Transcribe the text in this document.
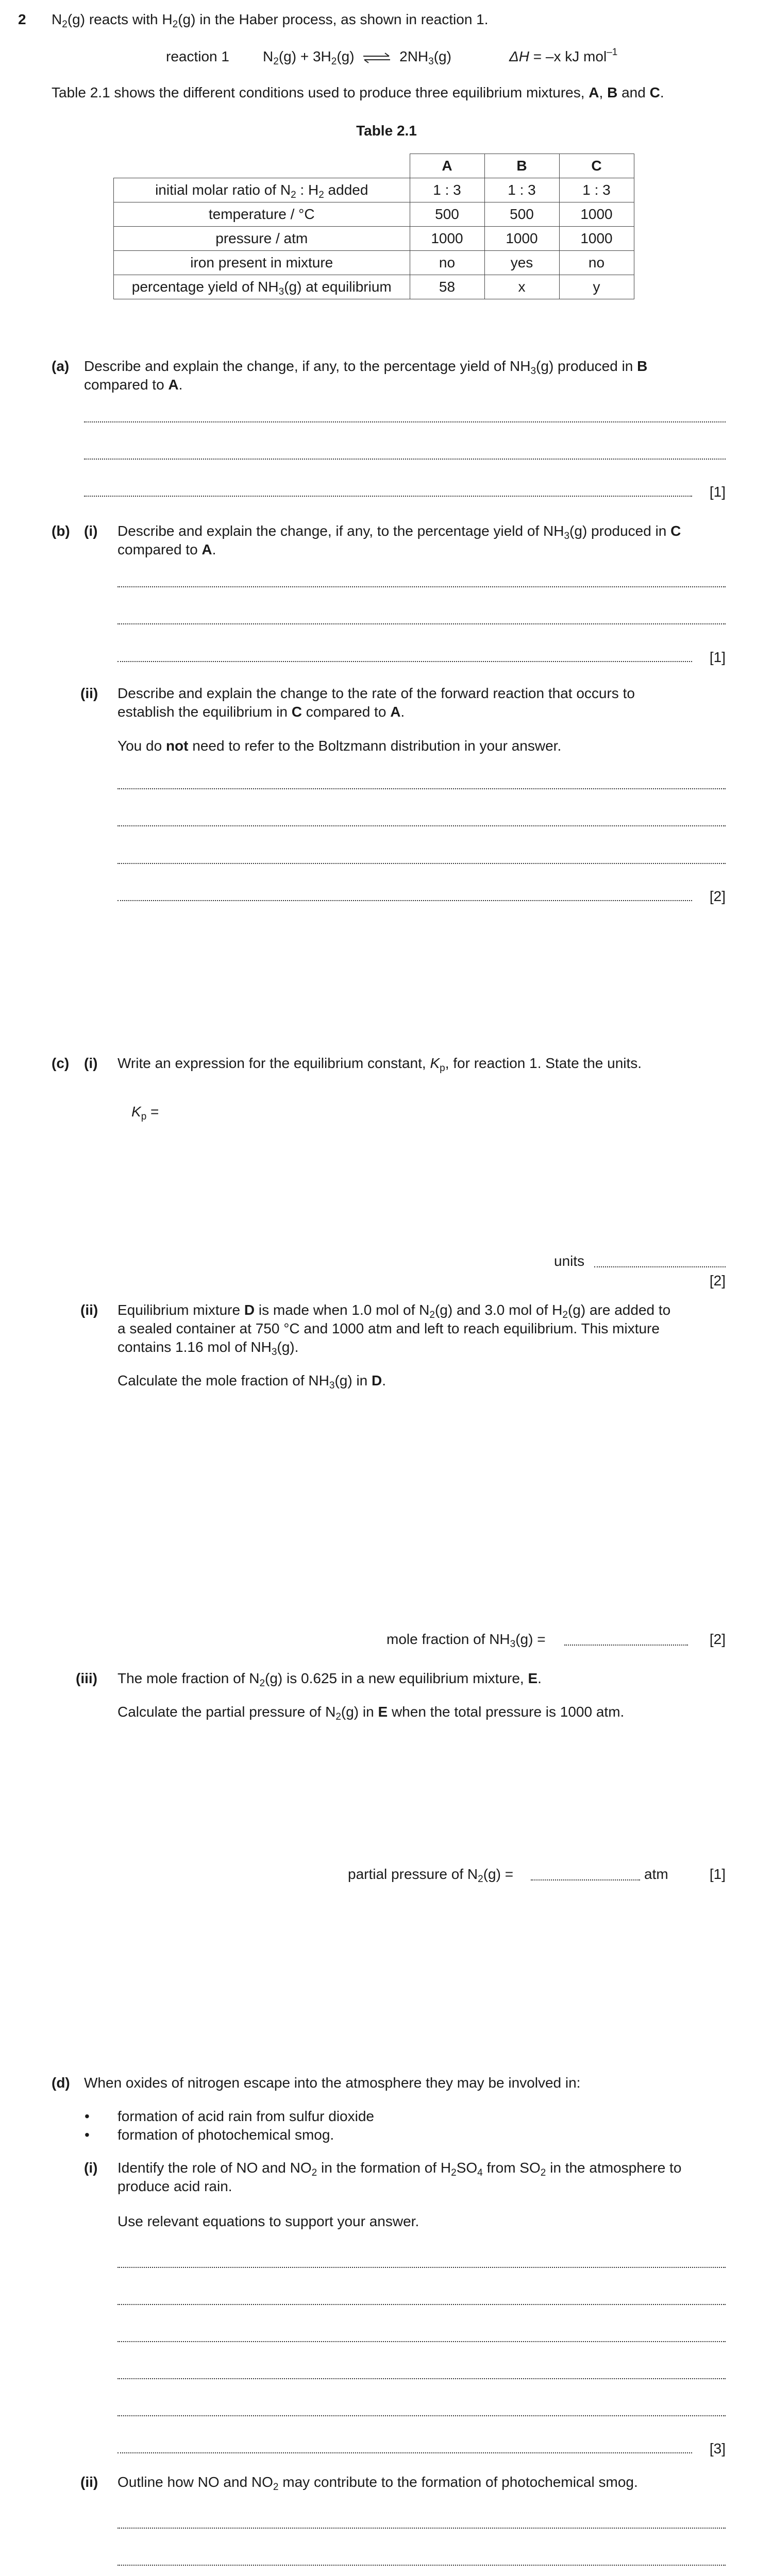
2 $N_2(g)$ reacts with $H_2(g)$ in the Haber process, as shown in reaction 1.
reaction 1 $N_2(g) + 3H_2(g)$ ⇌ $2NH_3(g)$	ΔH = –x kJ mol$^{-1}$
Table 2.1 shows the different conditions used to produce three equilibrium mixtures, A, B and C.
Table 2.1
	A	B	C
initial molar ratio of $N_2$ : $H_2$ added	1 : 3	1 : 3	1 : 3
temperature / °C	500	500	1000
pressure / atm	1000	1000	1000
iron present in mixture	no	yes	no
percentage yield of $NH_3(g)$ at equilibrium	58	x	y
(a) Describe and explain the change, if any, to the percentage yield of $NH_3(g)$ produced in B
compared to A.
[1]
(b) (i) Describe and explain the change, if any, to the percentage yield of $NH_3(g)$ produced in C
compared to A.
[1]
(ii) Describe and explain the change to the rate of the forward reaction that occurs to
establish the equilibrium in C compared to A.
You do not need to refer to the Boltzmann distribution in your answer.
[2]
(c) (i) Write an expression for the equilibrium constant, $K_p$, for reaction 1. State the units.
$K_p$ =
units
[2]
(ii) Equilibrium mixture D is made when 1.0 mol of $N_2(g)$ and 3.0 mol of $H_2(g)$ are added to
a sealed container at 750 °C and 1000 atm and left to reach equilibrium. This mixture
contains 1.16 mol of $NH_3(g)$.
Calculate the mole fraction of $NH_3(g)$ in D.
mole fraction of $NH_3(g)$ =	[2]
(iii) The mole fraction of $N_2(g)$ is 0.625 in a new equilibrium mixture, E.
Calculate the partial pressure of $N_2(g)$ in E when the total pressure is 1000 atm.
partial pressure of $N_2(g)$ =	atm	[1]
(d) When oxides of nitrogen escape into the atmosphere they may be involved in:
• formation of acid rain from sulfur dioxide
• formation of photochemical smog.
(i) Identify the role of NO and $NO_2$ in the formation of $H_2SO_4$ from $SO_2$ in the atmosphere to
produce acid rain.
Use relevant equations to support your answer.
[3]
(ii) Outline how NO and $NO_2$ may contribute to the formation of photochemical smog.
